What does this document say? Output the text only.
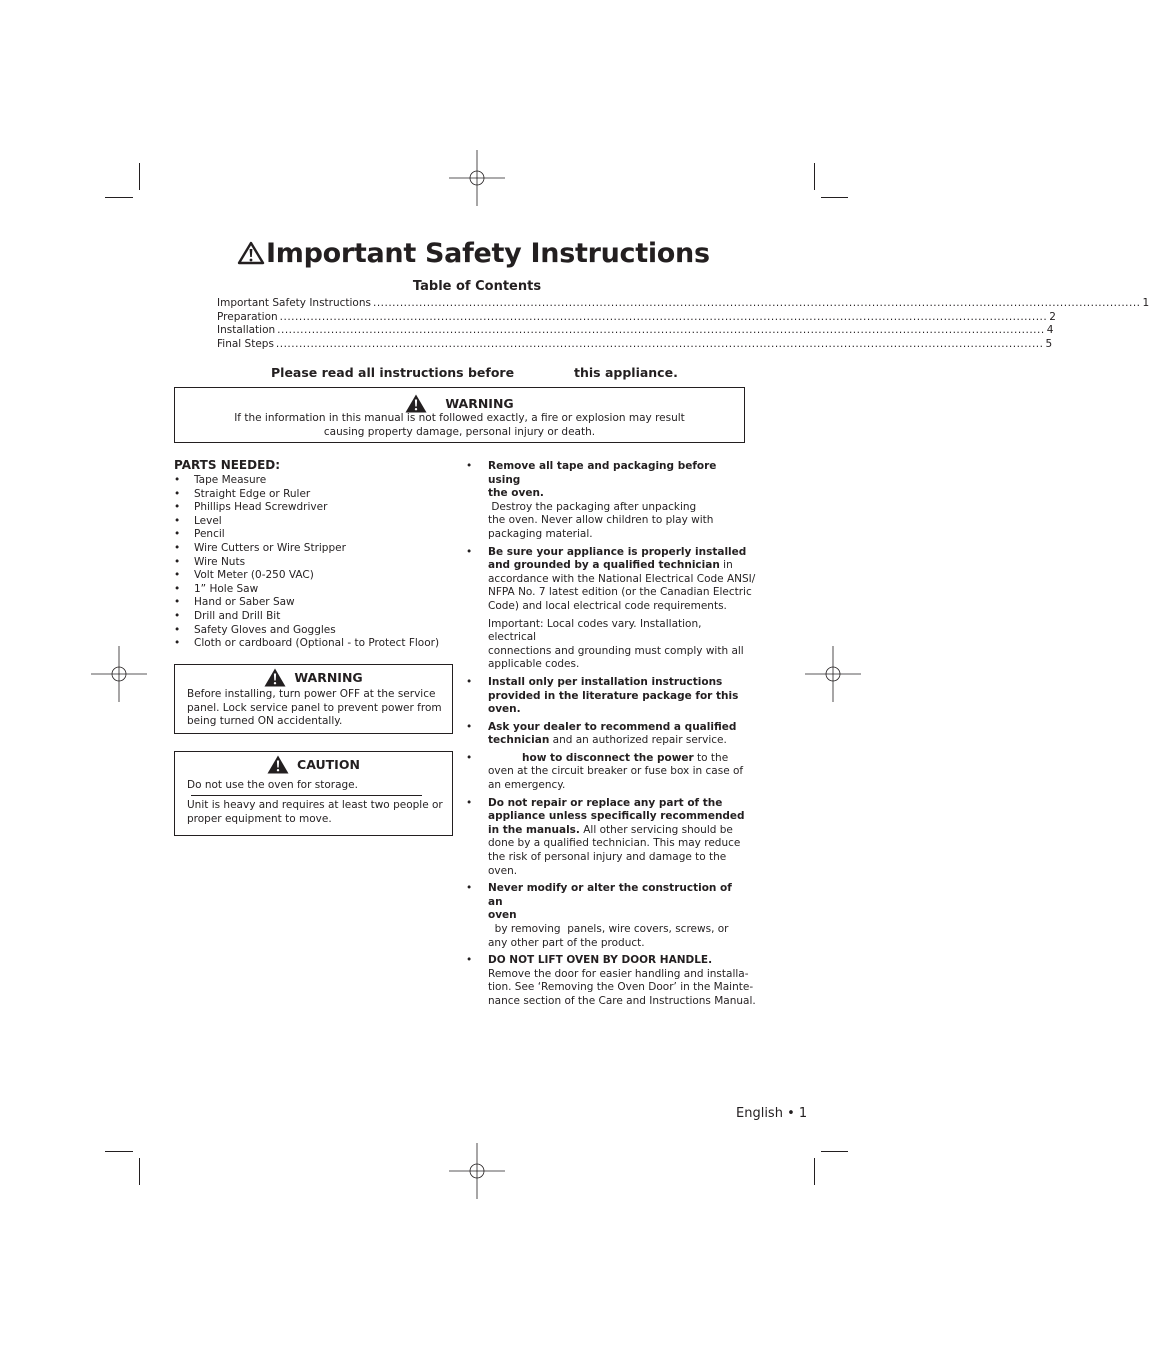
Important Safety Instructions
Table of Contents
Important Safety Instructions ........................................................................................................................................................................................................ 1
Preparation ........................................................................................................................................................................................................ 2
Installation ........................................................................................................................................................................................................ 4
Final Steps ........................................................................................................................................................................................................ 5
Please read all instructions before	this appliance.
WARNING
If the information in this manual is not followed exactly, a fire or explosion may result
causing property damage, personal injury or death.
PARTS NEEDED:
• Tape Measure
• Straight Edge or Ruler
• Phillips Head Screwdriver
• Level
• Pencil
• Wire Cutters or Wire Stripper
• Wire Nuts
• Volt Meter (0-250 VAC)
• 1” Hole Saw
• Hand or Saber Saw
• Drill and Drill Bit
• Safety Gloves and Goggles
• Cloth or cardboard (Optional - to Protect Floor)
WARNING
Before installing, turn power OFF at the service
panel. Lock service panel to prevent power from
being turned ON accidentally.
CAUTION
Do not use the oven for storage.
Unit is heavy and requires at least two people or
proper equipment to move.
• Remove all tape and packaging before using
the oven. Destroy the packaging after unpacking
the oven. Never allow children to play with
packaging material.

• Be sure your appliance is properly installed
and grounded by a qualified technician in
accordance with the National Electrical Code ANSI/
NFPA No. 7 latest edition (or the Canadian Electric
Code) and local electrical code requirements.

Important: Local codes vary. Installation, electrical
connections and grounding must comply with all
applicable codes.

• Install only per installation instructions
provided in the literature package for this
oven.

• Ask your dealer to recommend a qualified
technician and an authorized repair service.

•	how to disconnect the power to the
oven at the circuit breaker or fuse box in case of
an emergency.

• Do not repair or replace any part of the
appliance unless specifically recommended
in the manuals. All other servicing should be
done by a qualified technician. This may reduce
the risk of personal injury and damage to the
oven.

• Never modify or alter the construction of an
oven  by removing  panels, wire covers, screws, or
any other part of the product.

• DO NOT LIFT OVEN BY DOOR HANDLE.
Remove the door for easier handling and installa-
tion. See ‘Removing the Oven Door’ in the Mainte-
nance section of the Care and Instructions Manual.

English • 1
